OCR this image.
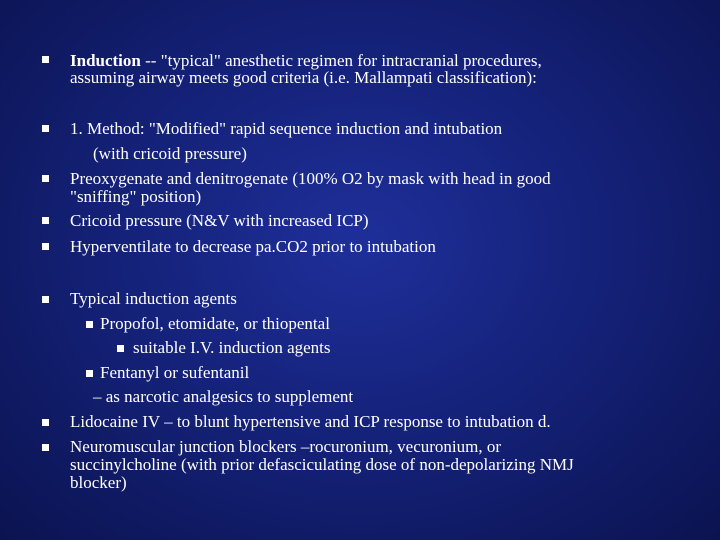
Induction -- "typical" anesthetic regimen for intracranial procedures,
assuming airway meets good criteria (i.e. Mallampati classification):
1. Method: "Modified" rapid sequence induction and intubation
(with cricoid pressure)
Preoxygenate and denitrogenate (100% O2 by mask with head in good
"sniffing" position)
Cricoid pressure (N&V with increased ICP)
Hyperventilate to decrease pa.CO2 prior to intubation
Typical induction agents
Propofol, etomidate, or thiopental
suitable I.V. induction agents
Fentanyl or sufentanil
– as narcotic analgesics to supplement
Lidocaine IV – to blunt hypertensive and ICP response to intubation d.
Neuromuscular junction blockers –rocuronium, vecuronium, or
succinylcholine (with prior defasciculating dose of non-depolarizing NMJ
blocker)
